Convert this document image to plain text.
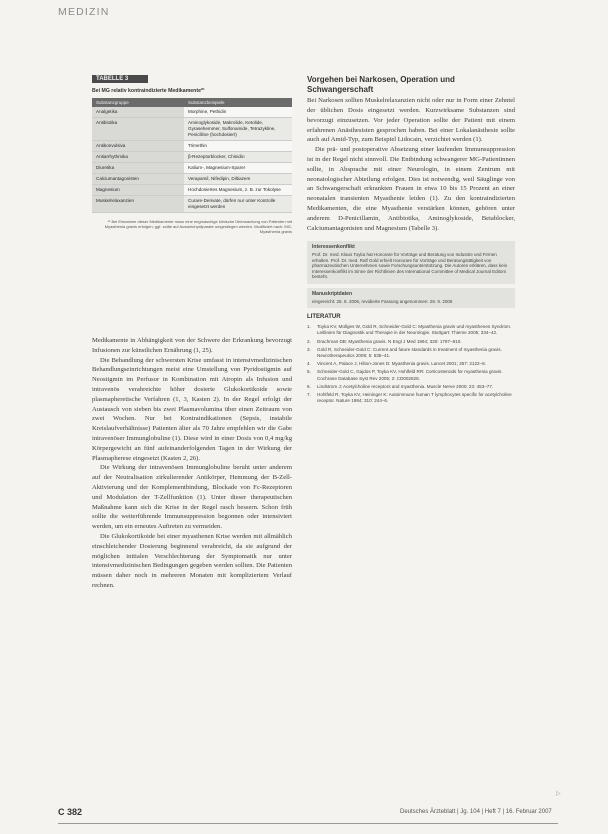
MEDIZIN
TABELLE 3
Bei MG relativ kontraindizierte Medikamente*¹
Substanzgruppe	Substanzbeispiele
Analgetika	Morphine, Pethidin
Antibiotika	Aminoglykoside, Makrolide, Ketolide, Gyrasehemmer, Sulfonamide, Tetrazykline, Penicilline (hochdosiert)
Antikonvulsiva	Trimethin
Antiarrhythmika	β-Rezeptorblocker, Chinidin
Diuretika	Kalium-, Magnesium-Sparer
Calciumantagonisten	Verapamil, Nifedipin, Diltiazem
Magnesium	Hochdosiertes Magnesium, z. B. zur Tokolyse
Muskelrelaxanzien	Curare-Derivate, dürfen nur unter Kontrolle eingesetzt werden
*¹ Bei Einnahme dieser Medikamente muss eine engmaschige klinische Überwachung von Patienten mit Myasthenia gravis erfolgen; ggf. sollte auf Ausweichpräparate umgestiegen werden. Modifiziert nach: MG, Myasthenia gravis

Medikamente in Abhängigkeit von der Schwere der Erkrankung bevorzugt Infusionen zur künstlichen Ernährung (1, 25).

Die Behandlung der schwersten Krise umfasst in intensivmedizinischen Behandlungseinrichtungen meist eine Umstellung von Pyridostigmin auf Neostigmin im Perfusor in Kombination mit Atropin als Infusion und intravenös verabreichte höher dosierte Glukokortikoide sowie plasmapheretische Verfahren (1, 3, Kasten 2). In der Regel erfolgt der Austausch von sieben bis zwei Plasmavolumina über einen Zeitraum von zwei Wochen. Nur bei Kontraindikationen (Sepsis, instabile Kreislaufverhältnisse) Patienten älter als 70 Jahre empfehlen wir die Gabe intravenöser Immunglobuline (1). Diese wird in einer Dosis von 0,4 mg/kg Körpergewicht an fünf aufeinanderfolgenden Tagen in der Wirkung der Plasmapherese eingesetzt (Kasten 2, 26).

Die Wirkung der intravenösen Immunglobuline beruht unter anderem auf der Neutralisation zirkulierender Antikörper, Hemmung der B-Zell-Aktivierung und der Komplementbindung, Blockade von Fc-Rezeptoren und Modulation der T-Zellfunktion (1). Unter dieser therapeutischen Maßnahme kann sich die Krise in der Regel rasch bessern. Schon früh sollte die weiterführende Immunsuppression begonnen oder intensiviert werden, um ein erneutes Auftreten zu vermeiden.

Die Glukokortikoide bei einer myasthenen Krise werden mit allmählich einschleichender Dosierung beginnend verabreicht, da sie aufgrund der möglichen initialen Verschlechterung der Symptomatik nur unter intensivmedizinischen Bedingungen gegeben werden sollten. Die Patienten müssen daher noch in mehreren Monaten mit kompliziertem Verlauf rechnen.

Vorgehen bei Narkosen, Operation und Schwangerschaft

Bei Narkosen sollten Muskelrelaxanzien nicht oder nur in Form einer Zehntel der üblichen Dosis eingesetzt werden. Kurzwirksame Substanzen sind bevorzugt einzusetzen. Vor jeder Operation sollte der Patient mit einem erfahrenen Anästhesisten gesprochen haben. Bei einer Lokalanästhesie sollte auch auf Amid-Typ, zum Beispiel Lidocain, verzichtet werden (1).

Die prä- und postoperative Absetzung einer laufenden Immunsuppression ist in der Regel nicht sinnvoll. Die Entbindung schwangerer MG-Patientinnen sollte, in Absprache mit einer Neurologin, in einem Zentrum mit neonatologischer Abteilung erfolgen. Dies ist notwendig, weil Säuglinge von an Schwangerschaft erkrankten Frauen in etwa 10 bis 15 Prozent an einer neonatalen transienten Myasthenie leiden (1). Zu den kontraindizierten Medikamenten, die eine Myasthenie verstärken können, gehören unter anderem D-Penicillamin, Antibiotika, Aminoglykoside, Betablocker, Calciumantagonisten und Magnesium (Tabelle 3).

Interessenkonflikt
Prof. Dr. med. Klaus Toyka hat Honorare für Vorträge und Beratung von Industrie und Firmen erhalten. Prof. Dr. med. Ralf Gold erhielt Honorare für Vorträge und Beratungstätigkeit von pharmazeutischen Unternehmen sowie Forschungsunterstützung. Die Autoren erklären, dass kein Interessenkonflikt im Sinne der Richtlinien des International Committee of Medical Journal Editors besteht.
Manuskriptdaten
eingereicht: 25. 8. 2006, revidierte Fassung angenommen: 28. 9. 2006
LITERATUR
1.	Toyka KV, Müllges W, Gold R, Schneider-Gold C: Myasthenia gravis und myasthenes Syndrom. Leitlinien für Diagnostik und Therapie in der Neurologie. Stuttgart: Thieme 2005; 334–42.
2.	Drachman DB: Myasthenia gravis. N Engl J Med 1994; 330: 1797–810.
3.	Gold R, Schneider-Gold C: Current and future standards in treatment of myasthenia gravis. Neurotherapeutics 2008; 5: 535–41.
4.	Vincent A, Palace J, Hilton-Jones D: Myasthenia gravis. Lancet 2001; 357: 2122–8.
5.	Schneider-Gold C, Gajdos P, Toyka KV, Hohlfeld RR: Corticosteroids for myasthenia gravis. Cochrane Database Syst Rev 2005; 2: CD002828.
6.	Lindstrom J: Acetylcholine receptors and myasthenia. Muscle Nerve 2000; 23: 453–77.
7.	Hohlfeld R, Toyka KV, Heininger K: Autoimmune human T lymphocytes specific for acetylcholine receptor. Nature 1984; 310: 244–6.
▷
C 382	Deutsches Ärzteblatt | Jg. 104 | Heft 7 | 16. Februar 2007
